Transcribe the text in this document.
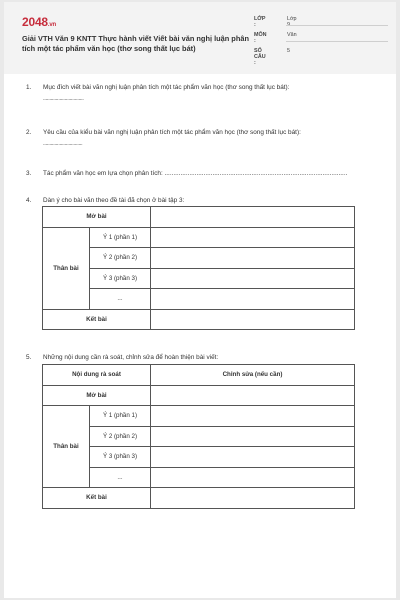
2048.vn
Giải VTH Văn 9 KNTT Thực hành viết Viết bài văn nghị luận phân tích một tác phẩm văn học (thơ song thất lục bát)
LỚP :
Lớp 9
MÔN :
Văn
SỐ CÂU :
5
1. Mục đích viết bài văn nghị luận phân tích một tác phẩm văn học (thơ song thất lục bát):
................................
2. Yêu cầu của kiểu bài văn nghị luận phân tích một tác phẩm văn học (thơ song thất lục bát):
...............................
3. Tác phẩm văn học em lựa chọn phân tích: .......................................................................................................
4. Dàn ý cho bài văn theo đề tài đã chọn ở bài tập 3:
Mở bài		
Thân bài	Ý 1 (phần 1)	
	Ý 2 (phần 2)	
	Ý 3 (phần 3)	
	...	
Kết bài		
5. Những nội dung cần rà soát, chỉnh sửa để hoàn thiện bài viết:
Nội dung rà soát		Chỉnh sửa (nếu cần)
Mở bài		
Thân bài	Ý 1 (phần 1)	
	Ý 2 (phần 2)	
	Ý 3 (phần 3)	
	...	
Kết bài		
